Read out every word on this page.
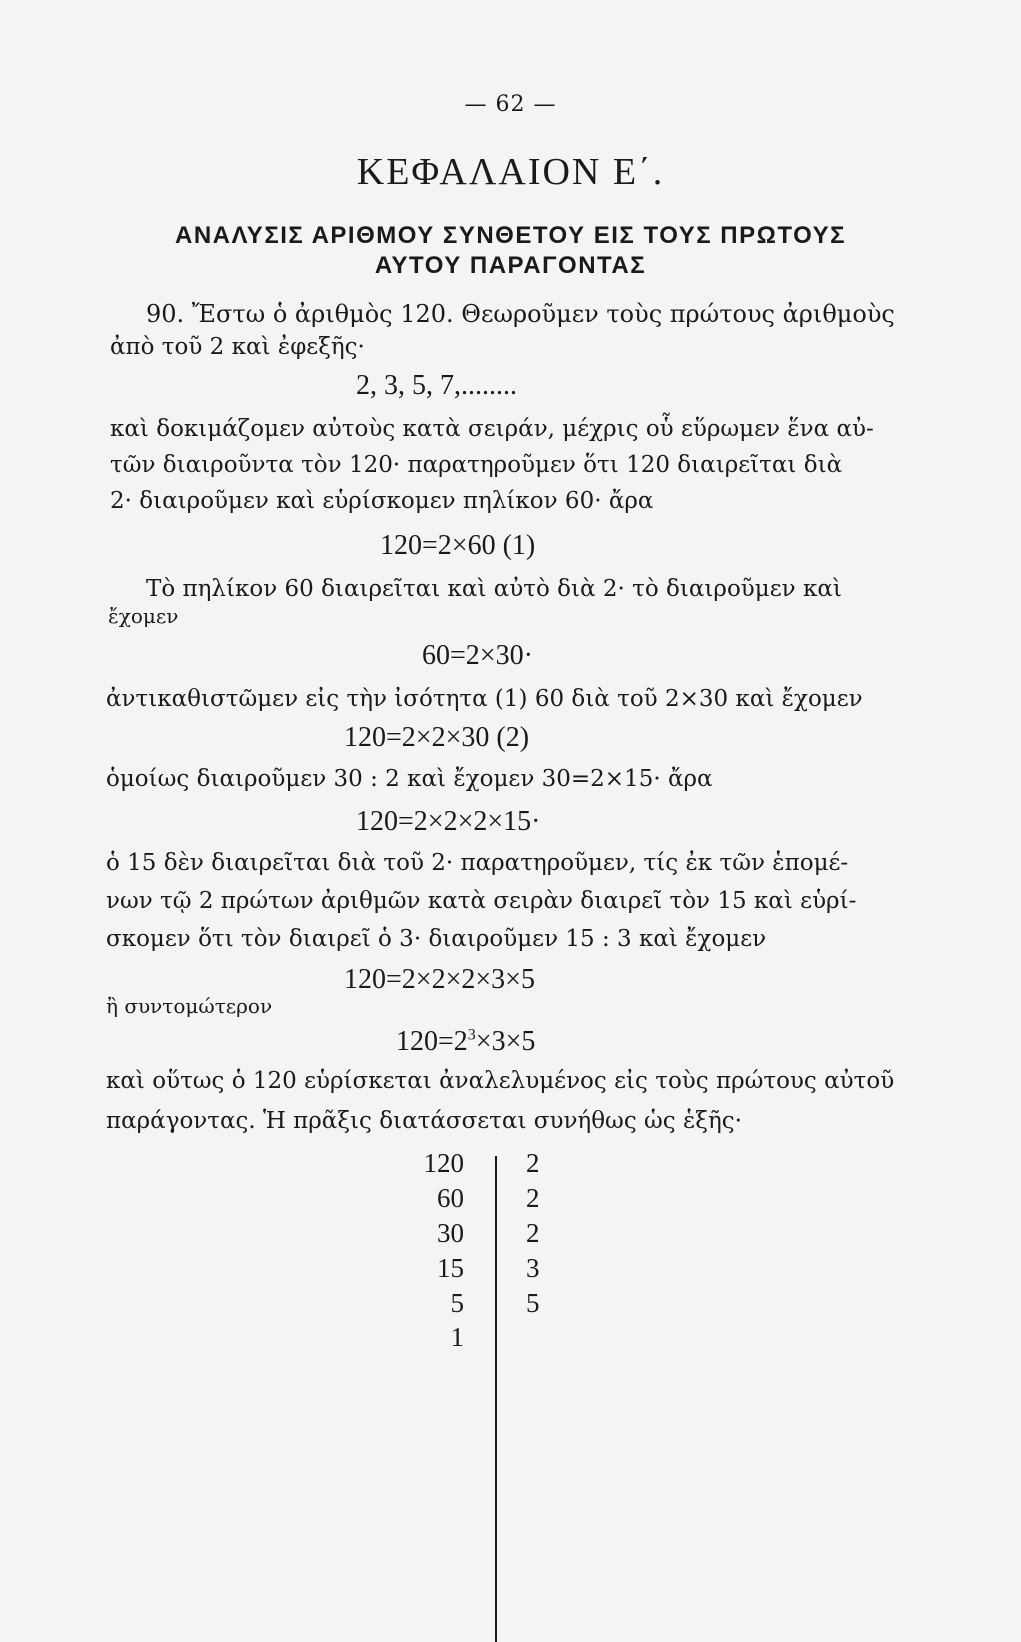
— 62 —
ΚΕΦΑΛΑΙΟΝ Ε΄.
ΑΝΑΛΥΣΙΣ ΑΡΙΘΜΟΥ ΣΥΝΘΕΤΟΥ ΕΙΣ ΤΟΥΣ ΠΡΩΤΟΥΣ
ΑΥΤΟΥ ΠΑΡΑΓΟΝΤΑΣ
90. Ἔστω ὁ ἀριθμὸς 120. Θεωροῦμεν τοὺς πρώτους ἀριθμοὺς
ἀπὸ τοῦ 2 καὶ ἐφεξῆς·
2, 3, 5, 7,........
καὶ δοκιμάζομεν αὐτοὺς κατὰ σειράν, μέχρις οὗ εὕρωμεν ἕνα αὐ-
τῶν διαιροῦντα τὸν 120· παρατηροῦμεν ὅτι 120 διαιρεῖται διὰ
2· διαιροῦμεν καὶ εὑρίσκομεν πηλίκον 60· ἄρα
120=2×60 (1)
Τὸ πηλίκον 60 διαιρεῖται καὶ αὐτὸ διὰ 2· τὸ διαιροῦμεν καὶ
ἔχομεν
60=2×30·
ἀντικαθιστῶμεν εἰς τὴν ἰσότητα (1) 60 διὰ τοῦ 2×30 καὶ ἔχομεν
120=2×2×30 (2)
ὁμοίως διαιροῦμεν 30 : 2 καὶ ἔχομεν 30=2×15· ἄρα
120=2×2×2×15·
ὁ 15 δὲν διαιρεῖται διὰ τοῦ 2· παρατηροῦμεν, τίς ἐκ τῶν ἑπομέ-
νων τῷ 2 πρώτων ἀριθμῶν κατὰ σειρὰν διαιρεῖ τὸν 15 καὶ εὑρί-
σκομεν ὅτι τὸν διαιρεῖ ὁ 3· διαιροῦμεν 15 : 3 καὶ ἔχομεν
120=2×2×2×3×5
ἢ συντομώτερον
$120=2^3\times 3\times 5$
καὶ οὕτως ὁ 120 εὑρίσκεται ἀναλελυμένος εἰς τοὺς πρώτους αὐτοῦ
παράγοντας. Ἡ πρᾶξις διατάσσεται συνήθως ὡς ἑξῆς·
120 2
60 2
30 2
15 3
5 5
1
